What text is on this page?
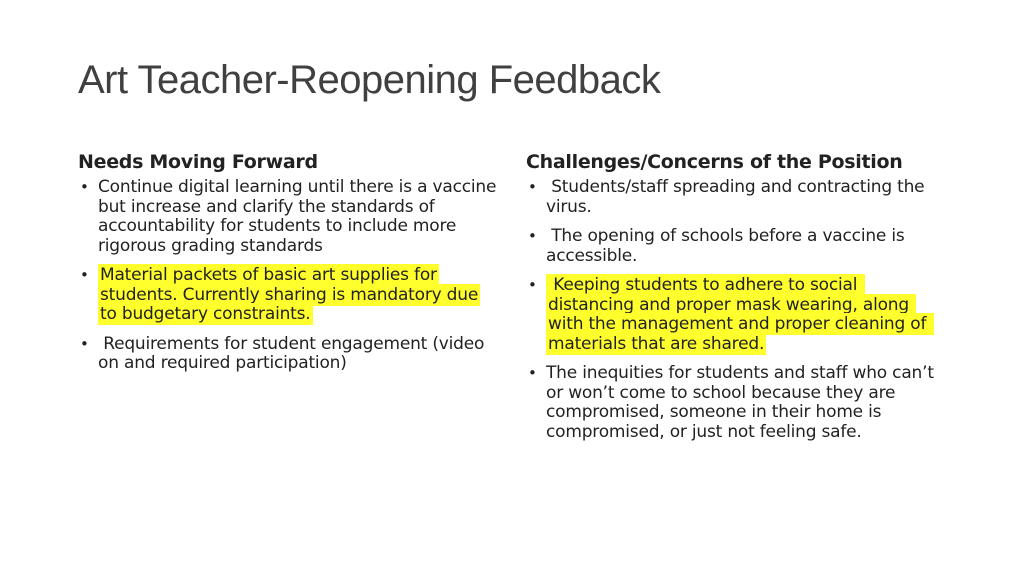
Art Teacher-Reopening Feedback
Needs Moving Forward
• Continue digital learning until there is a vaccine but increase and clarify the standards of accountability for students to include more rigorous grading standards
• Material packets of basic art supplies for students. Currently sharing is mandatory due to budgetary constraints.
• Requirements for student engagement (video on and required participation)
Challenges/Concerns of the Position
• Students/staff spreading and contracting the virus.
• The opening of schools before a vaccine is accessible.
• Keeping students to adhere to social distancing and proper mask wearing, along with the management and proper cleaning of materials that are shared.
• The inequities for students and staff who can’t or won’t come to school because they are compromised, someone in their home is compromised, or just not feeling safe.
